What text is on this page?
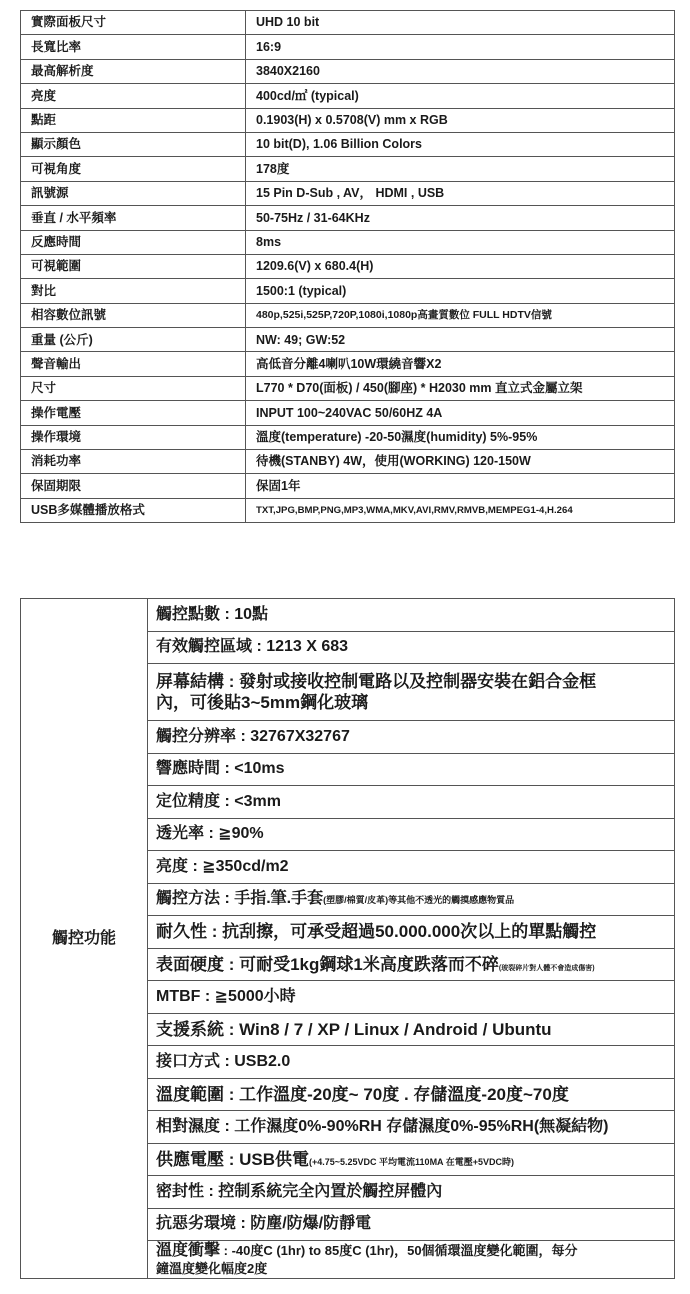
實際面板尺寸	UHD 10 bit
長寬比率	16:9
最高解析度	3840X2160
亮度	400cd/㎡ (typical)
點距	0.1903(H) x 0.5708(V) mm x RGB
顯示顏色	10 bit(D), 1.06 Billion Colors
可視角度	178度
訊號源	15 Pin D-Sub , AV， HDMI , USB
垂直 / 水平頻率	50-75Hz / 31-64KHz
反應時間	8ms
可視範圍	1209.6(V) x 680.4(H)
對比	1500:1 (typical)
相容數位訊號	480p,525i,525P,720P,1080i,1080p高畫質數位 FULL HDTV信號
重量 (公斤)	NW: 49; GW:52
聲音輸出	高低音分離4喇叭10W環繞音響X2
尺寸	L770 * D70(面板) / 450(腳座) * H2030 mm 直立式金屬立架
操作電壓	INPUT 100~240VAC 50/60HZ 4A
操作環境	溫度(temperature) -20-50濕度(humidity) 5%-95%
消耗功率	待機(STANBY) 4W，使用(WORKING) 120-150W
保固期限	保固1年
USB多媒體播放格式	TXT,JPG,BMP,PNG,MP3,WMA,MKV,AVI,RMV,RMVB,MEMPEG1-4,H.264
觸控功能	觸控點數 : 10點
有效觸控區域 : 1213 X 683
屏幕結構 : 發射或接收控制電路以及控制器安裝在鋁合金框
內，可後貼3~5mm鋼化玻璃
觸控分辨率 : 32767X32767
響應時間 : <10ms
定位精度 : <3mm
透光率 : ≧90%
亮度 : ≧350cd/m2
觸控方法 : 手指.筆.手套(塑膠/棉質/皮革)等其他不透光的觸摸感應物質品
耐久性 : 抗刮擦，可承受超過50.000.000次以上的單點觸控
表面硬度 : 可耐受1kg鋼球1米高度跌落而不碎(玻裂碎片對人體不會造成傷害)
MTBF : ≧5000小時
支援系統 : Win8 / 7 / XP / Linux / Android / Ubuntu
接口方式 : USB2.0
溫度範圍 : 工作溫度-20度~ 70度 . 存儲溫度-20度~70度
相對濕度 : 工作濕度0%-90%RH 存儲濕度0%-95%RH(無凝結物)
供應電壓 : USB供電(+4.75~5.25VDC 平均電流110MA 在電壓+5VDC時)
密封性 : 控制系統完全內置於觸控屏體內
抗惡劣環境 : 防塵/防爆/防靜電
溫度衝擊 : -40度C (1hr) to 85度C (1hr)，50個循環溫度變化範圍，每分
鐘溫度變化幅度2度
